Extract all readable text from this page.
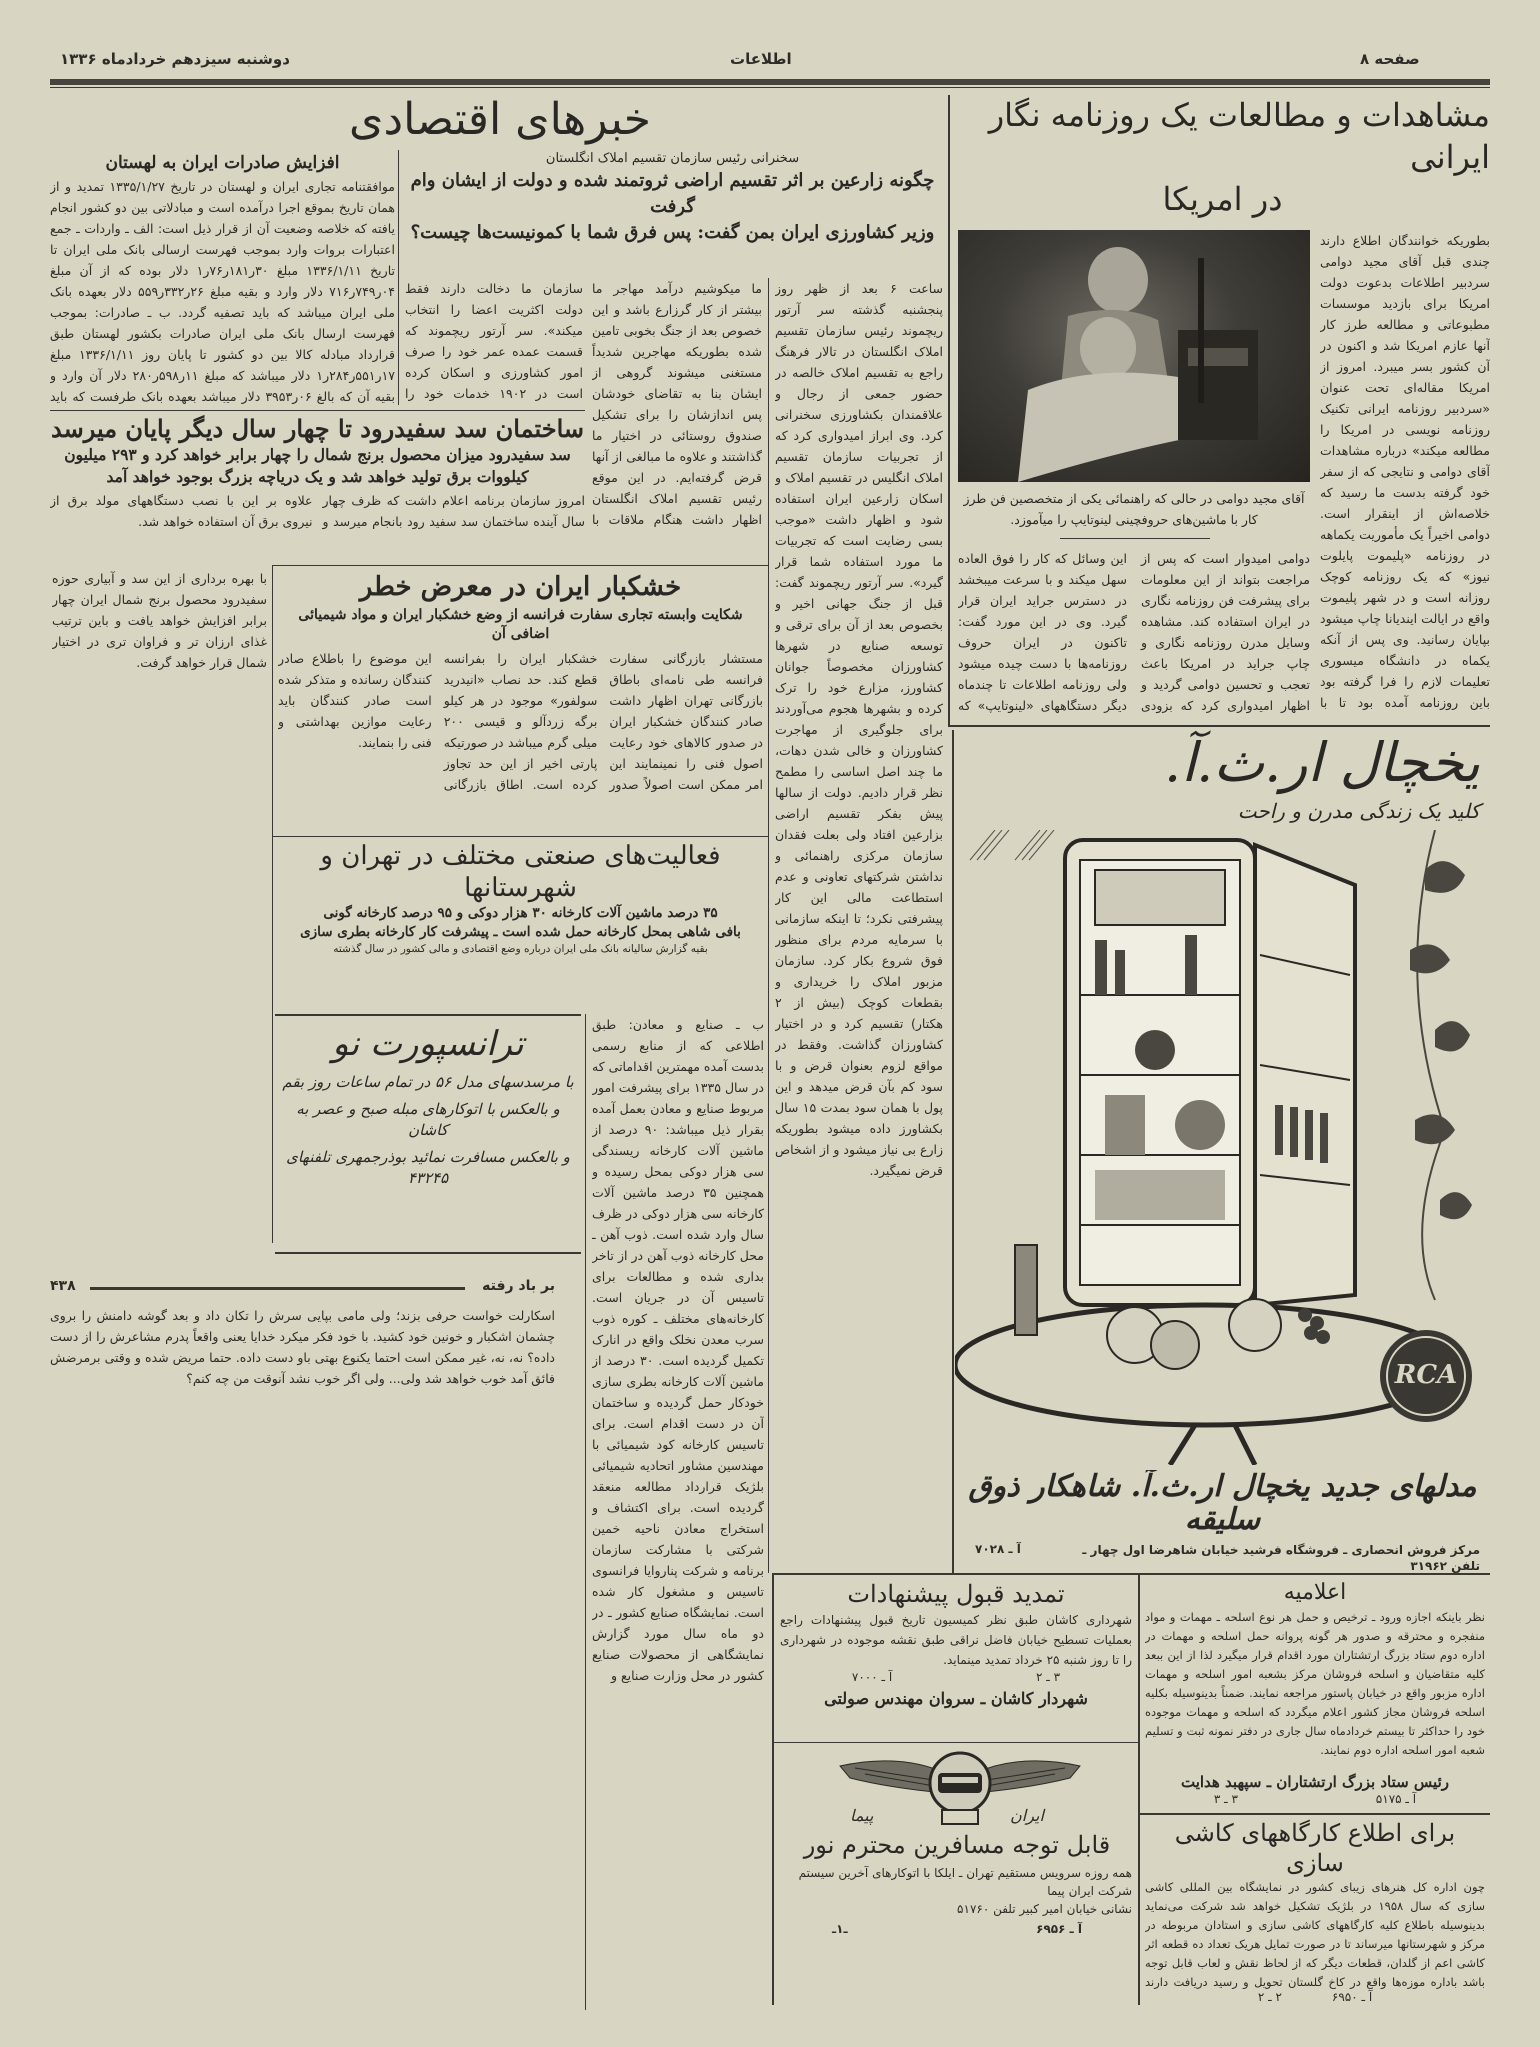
دوشنبه سیزدهم خردادماه ۱۳۳۶	اطلاعات	صفحه ۸
خبرهای اقتصادی
افزایش صادرات ایران به لهستان
موافقتنامه تجاری ایران و لهستان در تاریخ ۱۳۳۵/۱/۲۷ تمدید و از همان تاریخ بموقع اجرا درآمده است و مبادلاتی بین دو کشور انجام یافته که خلاصه وضعیت آن از قرار ذیل است: الف ـ واردات ـ جمع اعتبارات بروات وارد بموجب فهرست ارسالی بانک ملی ایران تا تاریخ ۱۳۳۶/۱/۱۱ مبلغ ۳۰ر۱۸۱ر۷۶ر۱ دلار بوده که از آن مبلغ ۰۴ر۷۴۹ر۷۱۶ دلار وارد و بقیه مبلغ ۲۶ر۳۳۲ر۵۵۹ دلار بعهده بانک ملی ایران میباشد که باید تصفیه گردد. ب ـ صادرات: بموجب فهرست ارسال بانک ملی ایران صادرات بکشور لهستان طبق قرارداد مبادله کالا بین دو کشور تا پایان روز ۱۳۳۶/۱/۱۱ مبلغ ۱۷ر۵۵۱ر۲۸۴ر۱ دلار میباشد که مبلغ ۱۱ر۵۹۸ر۲۸۰ دلار آن وارد و بقیه آن که بالغ ۰۶ر۳۹۵۳ دلار میباشد بعهده بانک طرفست که باید
سخنرانی رئیس سازمان تقسیم املاک انگلستان
چگونه زارعین بر اثر تقسیم اراضی ثروتمند شده و دولت از ایشان وام گرفت
وزیر کشاورزی ایران بمن گفت: پس فرق شما با کمونیست‌ها چیست؟
ساعت ۶ بعد از ظهر روز پنجشنبه گذشته سر آرتور ریچموند رئیس سازمان تقسیم املاک انگلستان در تالار فرهنگ راجع به تقسیم املاک خالصه در حضور جمعی از رجال و علاقمندان بکشاورزی سخنرانی کرد. وی ابراز امیدواری کرد که از تجربیات سازمان تقسیم املاک انگلیس در تقسیم املاک و اسکان زارعین ایران استفاده شود و اظهار داشت «موجب بسی رضایت است که تجربیات ما مورد استفاده شما قرار گیرد». سر آرتور ریچموند گفت: قبل از جنگ جهانی اخیر و بخصوص بعد از آن برای ترقی و توسعه صنایع در شهرها کشاورزان مخصوصاً جوانان کشاورز، مزارع خود را ترک کرده و بشهرها هجوم می‌آوردند برای جلوگیری از مهاجرت کشاورزان و خالی شدن دهات، ما چند اصل اساسی را مطمح نظر قرار دادیم. دولت از سالها پیش بفکر تقسیم اراضی بزارعین افتاد ولی بعلت فقدان سازمان مرکزی راهنمائی و نداشتن شرکتهای تعاونی و عدم استطاعت مالی این کار پیشرفتی نکرد؛ تا اینکه سازمانی با سرمایه مردم برای منظور فوق شروع بکار کرد. سازمان مزبور املاک را خریداری و بقطعات کوچک (بیش از ۲ هکتار) تقسیم کرد و در اختیار کشاورزان گذاشت. وفقط در مواقع لزوم بعنوان قرض و با سود کم بآن قرض میدهد و این پول با همان سود بمدت ۱۵ سال بکشاورز داده میشود بطوریکه زارع بی نیاز میشود و از اشخاص قرض نمیگیرد.
ما میکوشیم درآمد مهاجر ما بیشتر از کار گرزارع باشد و این خصوص بعد از جنگ بخوبی تامین شده بطوریکه مهاجرین شدیداً مستغنی میشوند گروهی از ایشان بنا به تقاضای خودشان پس اندازشان را برای تشکیل صندوق روستائی در اختیار ما گذاشتند و علاوه ما مبالغی از آنها قرض گرفته‌ایم. در این موقع رئیس تقسیم املاک انگلستان اظهار داشت هنگام ملاقات با
سازمان ما دخالت دارند فقط دولت اکثریت اعضا را انتخاب میکند». سر آرتور ریچموند که قسمت عمده عمر خود را صرف امور کشاورزی و اسکان کرده است در ۱۹۰۲ خدمات خود را
ساختمان سد سفیدرود تا چهار سال دیگر پایان میرسد
سد سفیدرود میزان محصول برنج شمال را چهار برابر خواهد کرد و ۲۹۳ میلیون کیلووات برق تولید خواهد شد و یک دریاچه بزرگ بوجود خواهد آمد
امروز سازمان برنامه اعلام داشت که ظرف چهار سال آینده ساختمان سد سفید رود بانجام میرسد و علاوه بر این با نصب دستگاههای مولد برق از نیروی برق آن استفاده خواهد شد.
با بهره برداری از این سد و آبیاری حوزه سفیدرود محصول برنج شمال ایران چهار برابر افزایش خواهد یافت و باین ترتیب غذای ارزان تر و فراوان تری در اختیار شمال قرار خواهد گرفت.
خشکبار ایران در معرض خطر
شکایت وابسته تجاری سفارت فرانسه از وضع خشکبار ایران و مواد شیمیائی اضافی آن
مستشار بازرگانی سفارت فرانسه طی نامه‌ای باطاق بازرگانی تهران اظهار داشت صادر کنندگان خشکبار ایران در صدور کالاهای خود رعایت اصول فنی را نمینمایند این امر ممکن است اصولاً صدور خشکبار ایران را بفرانسه قطع کند. حد نصاب «انیدرید سولفور» موجود در هر کیلو برگه زردآلو و قیسی ۲۰۰ میلی گرم میباشد در صورتیکه پارتی اخیر از این حد تجاوز کرده است. اطاق بازرگانی این موضوع را باطلاع صادر کنندگان رسانده و متذکر شده است صادر کنندگان باید رعایت موازین بهداشتی و فنی را بنمایند.
فعالیت‌های صنعتی مختلف در تهران و شهرستانها
۳۵ درصد ماشین آلات کارخانه ۳۰ هزار دوکی و ۹۵ درصد کارخانه گونی
بافی شاهی بمحل کارخانه حمل شده است ـ پیشرفت کار کارخانه بطری سازی
بقیه گزارش سالیانه بانک ملی ایران درباره وضع اقتصادی و مالی کشور در سال گذشته
ب ـ صنایع و معادن: طبق اطلاعی که از منابع رسمی بدست آمده مهمترین اقداماتی که در سال ۱۳۳۵ برای پیشرفت امور مربوط صنایع و معادن بعمل آمده بقرار ذیل میباشد: ۹۰ درصد از ماشین آلات کارخانه ریسندگی سی هزار دوکی بمحل رسیده و همچنین ۳۵ درصد ماشین آلات کارخانه سی هزار دوکی در ظرف سال وارد شده است. ذوب آهن ـ محل کارخانه ذوب آهن در از تاخر بداری شده و مطالعات برای تاسیس آن در جریان است. کارخانه‌های مختلف ـ کوره ذوب سرب معدن نخلک واقع در انارک تکمیل گردیده است. ۳۰ درصد از ماشین آلات کارخانه بطری سازی خودکار حمل گردیده و ساختمان آن در دست اقدام است. برای تاسیس کارخانه کود شیمیائی با مهندسین مشاور اتحادیه شیمیائی بلژیک قرارداد مطالعه منعقد گردیده است. برای اکتشاف و استخراج معادن ناحیه خمین شرکتی با مشارکت سازمان برنامه و شرکت پناروایا فرانسوی تاسیس و مشغول کار شده است. نمایشگاه صنایع کشور ـ در دو ماه سال مورد گزارش نمایشگاهی از محصولات صنایع کشور در محل وزارت صنایع و
ترانسپورت نو
با مرسدسهای مدل ۵۶ در تمام ساعات روز بقم
و بالعکس با اتوکارهای مبله صبح و عصر به کاشان
و بالعکس مسافرت نمائید بوذرجمهری تلفنهای ۴۳۲۴۵
بر باد رفته
۴۳۸
اسکارلت خواست حرفی بزند؛ ولی مامی بپایی سرش را تکان داد و بعد گوشه دامنش را بروی چشمان اشکبار و خونین خود کشید. با خود فکر میکرد خدایا یعنی واقعاً پدرم مشاعرش را از دست داده؟ نه، نه، غیر ممکن است احتما یکنوع بهتی باو دست داده. حتما مریض شده و وقتی برمرضش فائق آمد خوب خواهد شد ولی... ولی اگر خوب نشد آنوقت من چه کنم؟
مشاهدات و مطالعات یک روزنامه نگار ایرانی
در امریکا
بطوریکه خوانندگان اطلاع دارند چندی قبل آقای مجید دوامی سردبیر اطلاعات بدعوت دولت امریکا برای بازدید موسسات مطبوعاتی و مطالعه طرز کار آنها عازم امریکا شد و اکنون در آن کشور بسر میبرد. امروز از امریکا مقاله‌ای تحت عنوان «سردبیر روزنامه ایرانی تکنیک روزنامه نویسی در امریکا را مطالعه میکند» درباره مشاهدات آقای دوامی و نتایجی که از سفر خود گرفته بدست ما رسید که خلاصه‌اش از اینقرار است. دوامی اخیراً یک مأموریت یکماهه در روزنامه «پلیموت پایلوت نیوز» که یک روزنامه کوچک روزانه است و در شهر پلیموت واقع در ایالت ایندیانا چاپ میشود بپایان رسانید. وی پس از آنکه یکماه در دانشگاه میسوری تعلیمات لازم را فرا گرفته بود باین روزنامه آمده بود تا با
آقای مجید دوامی در حالی که راهنمائی یکی از متخصصین فن طرز کار با ماشین‌های حروفچینی لینوتایپ را میآموزد.
دوامی امیدوار است که پس از مراجعت بتواند از این معلومات برای پیشرفت فن روزنامه نگاری در ایران استفاده کند. مشاهده وسایل مدرن روزنامه نگاری و چاپ جراید در امریکا باعث تعجب و تحسین دوامی گردید و اظهار امیدواری کرد که بزودی این وسائل که کار را فوق العاده سهل میکند و با سرعت میبخشد در دسترس جراید ایران قرار گیرد. وی در این مورد گفت: تاکنون در ایران حروف روزنامه‌ها با دست چیده میشود ولی روزنامه اطلاعات تا چندماه دیگر دستگاههای «لینوتایپ» که
یخچال ار.ث.آ.
کلید یک زندگی مدرن و راحت
RCA
مدلهای جدید یخچال ار.ث.آ. شاهکار ذوق سلیقه
مرکز فروش انحصاری ـ فروشگاه فرشید خیابان شاهرضا اول چهار ـ تلفن ۳۱۹۶۲
آ ـ ۷۰۲۸
اعلامیه
نظر باینکه اجازه ورود ـ ترخیص و حمل هر نوع اسلحه ـ مهمات و مواد منفجره و محترقه و صدور هر گونه پروانه حمل اسلحه و مهمات در اداره دوم ستاد بزرگ ارتشتاران مورد اقدام قرار میگیرد لذا از این ببعد کلیه متقاضیان و اسلحه فروشان مرکز بشعبه امور اسلحه و مهمات اداره مزبور واقع در خیابان پاستور مراجعه نمایند. ضمناً بدینوسیله بکلیه اسلحه فروشان مجاز کشور اعلام میگردد که اسلحه و مهمات موجوده خود را حداکثر تا بیستم خردادماه سال جاری در دفتر نمونه ثبت و تسلیم شعبه امور اسلحه اداره دوم نمایند.
رئیس ستاد بزرگ ارتشتاران ـ سپهبد هدایت
۳ ـ ۳	آ ـ ۵۱۷۵
برای اطلاع کارگاههای کاشی سازی
چون اداره کل هنرهای زیبای کشور در نمایشگاه بین المللی کاشی سازی که سال ۱۹۵۸ در بلژیک تشکیل خواهد شد شرکت می‌نماید بدینوسیله باطلاع کلیه کارگاههای کاشی سازی و استادان مربوطه در مرکز و شهرستانها میرساند تا در صورت تمایل هریک تعداد ده قطعه اثر کاشی اعم از گلدان، قطعات دیگر که از لحاظ نقش و لعاب قابل توجه باشد باداره موزه‌ها واقع در کاخ گلستان تحویل و رسید دریافت دارند
۲ ـ ۲	آ ـ ۶۹۵۰
تمدید قبول پیشنهادات
شهرداری کاشان طبق نظر کمیسیون تاریخ قبول پیشنهادات راجع بعملیات تسطیح خیابان فاضل نراقی طبق نقشه موجوده در شهرداری را تا روز شنبه ۲۵ خرداد تمدید مینماید.
آ ـ ۷۰۰۰	۳ ـ ۲
شهردار کاشان ـ سروان مهندس صولتی
ایران
پیما
قابل توجه مسافرین محترم نور
همه روزه سرویس مستقیم تهران ـ ایلکا با اتوکارهای آخرین سیستم
شرکت ایران پیما
نشانی خیابان امیر کبیر تلفن ۵۱۷۶۰
ـ۱ـ	آ ـ ۶۹۵۶
